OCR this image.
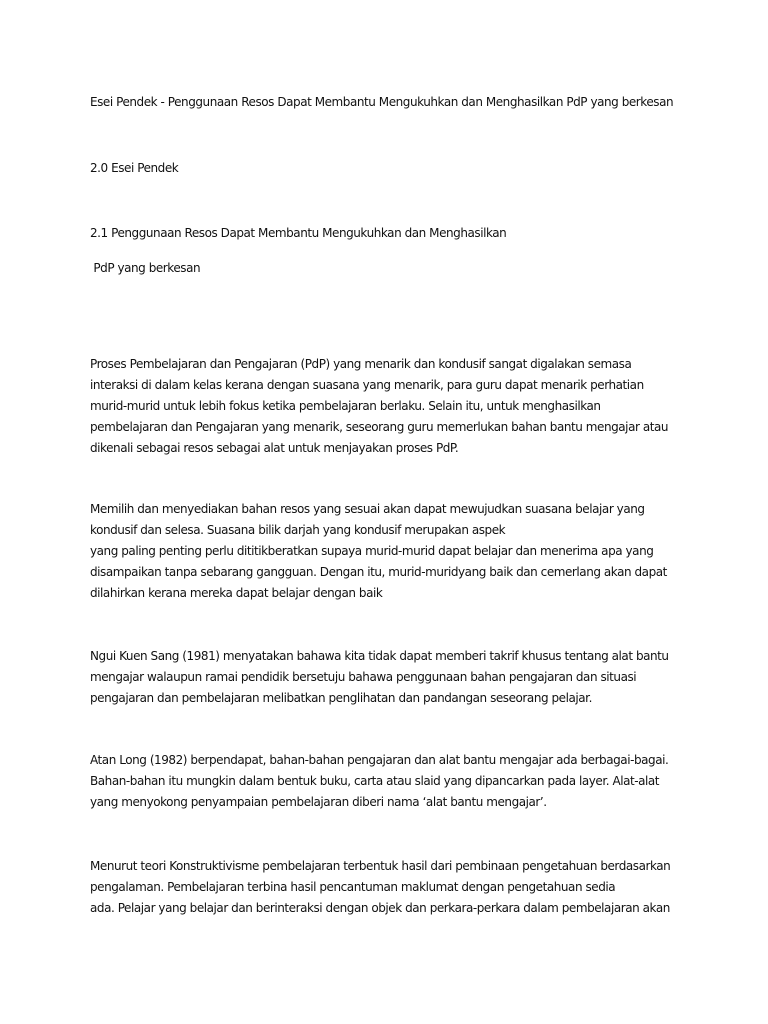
Esei Pendek - Penggunaan Resos Dapat Membantu Mengukuhkan dan Menghasilkan PdP yang berkesan
2.0 Esei Pendek
2.1 Penggunaan Resos Dapat Membantu Mengukuhkan dan Menghasilkan
PdP yang berkesan
Proses Pembelajaran dan Pengajaran (PdP) yang menarik dan kondusif sangat digalakan semasa
interaksi di dalam kelas kerana dengan suasana yang menarik, para guru dapat menarik perhatian
murid-murid untuk lebih fokus ketika pembelajaran berlaku. Selain itu, untuk menghasilkan
pembelajaran dan Pengajaran yang menarik, seseorang guru memerlukan bahan bantu mengajar atau
dikenali sebagai resos sebagai alat untuk menjayakan proses PdP.
Memilih dan menyediakan bahan resos yang sesuai akan dapat mewujudkan suasana belajar yang
kondusif dan selesa. Suasana bilik darjah yang kondusif merupakan aspek
yang paling penting perlu dititikberatkan supaya murid-murid dapat belajar dan menerima apa yang
disampaikan tanpa sebarang gangguan. Dengan itu, murid-muridyang baik dan cemerlang akan dapat
dilahirkan kerana mereka dapat belajar dengan baik
Ngui Kuen Sang (1981) menyatakan bahawa kita tidak dapat memberi takrif khusus tentang alat bantu
mengajar walaupun ramai pendidik bersetuju bahawa penggunaan bahan pengajaran dan situasi
pengajaran dan pembelajaran melibatkan penglihatan dan pandangan seseorang pelajar.
Atan Long (1982) berpendapat, bahan-bahan pengajaran dan alat bantu mengajar ada berbagai-bagai.
Bahan-bahan itu mungkin dalam bentuk buku, carta atau slaid yang dipancarkan pada layer. Alat-alat
yang menyokong penyampaian pembelajaran diberi nama ‘alat bantu mengajar’.
Menurut teori Konstruktivisme pembelajaran terbentuk hasil dari pembinaan pengetahuan berdasarkan
pengalaman. Pembelajaran terbina hasil pencantuman maklumat dengan pengetahuan sedia
ada. Pelajar yang belajar dan berinteraksi dengan objek dan perkara-perkara dalam pembelajaran akan
